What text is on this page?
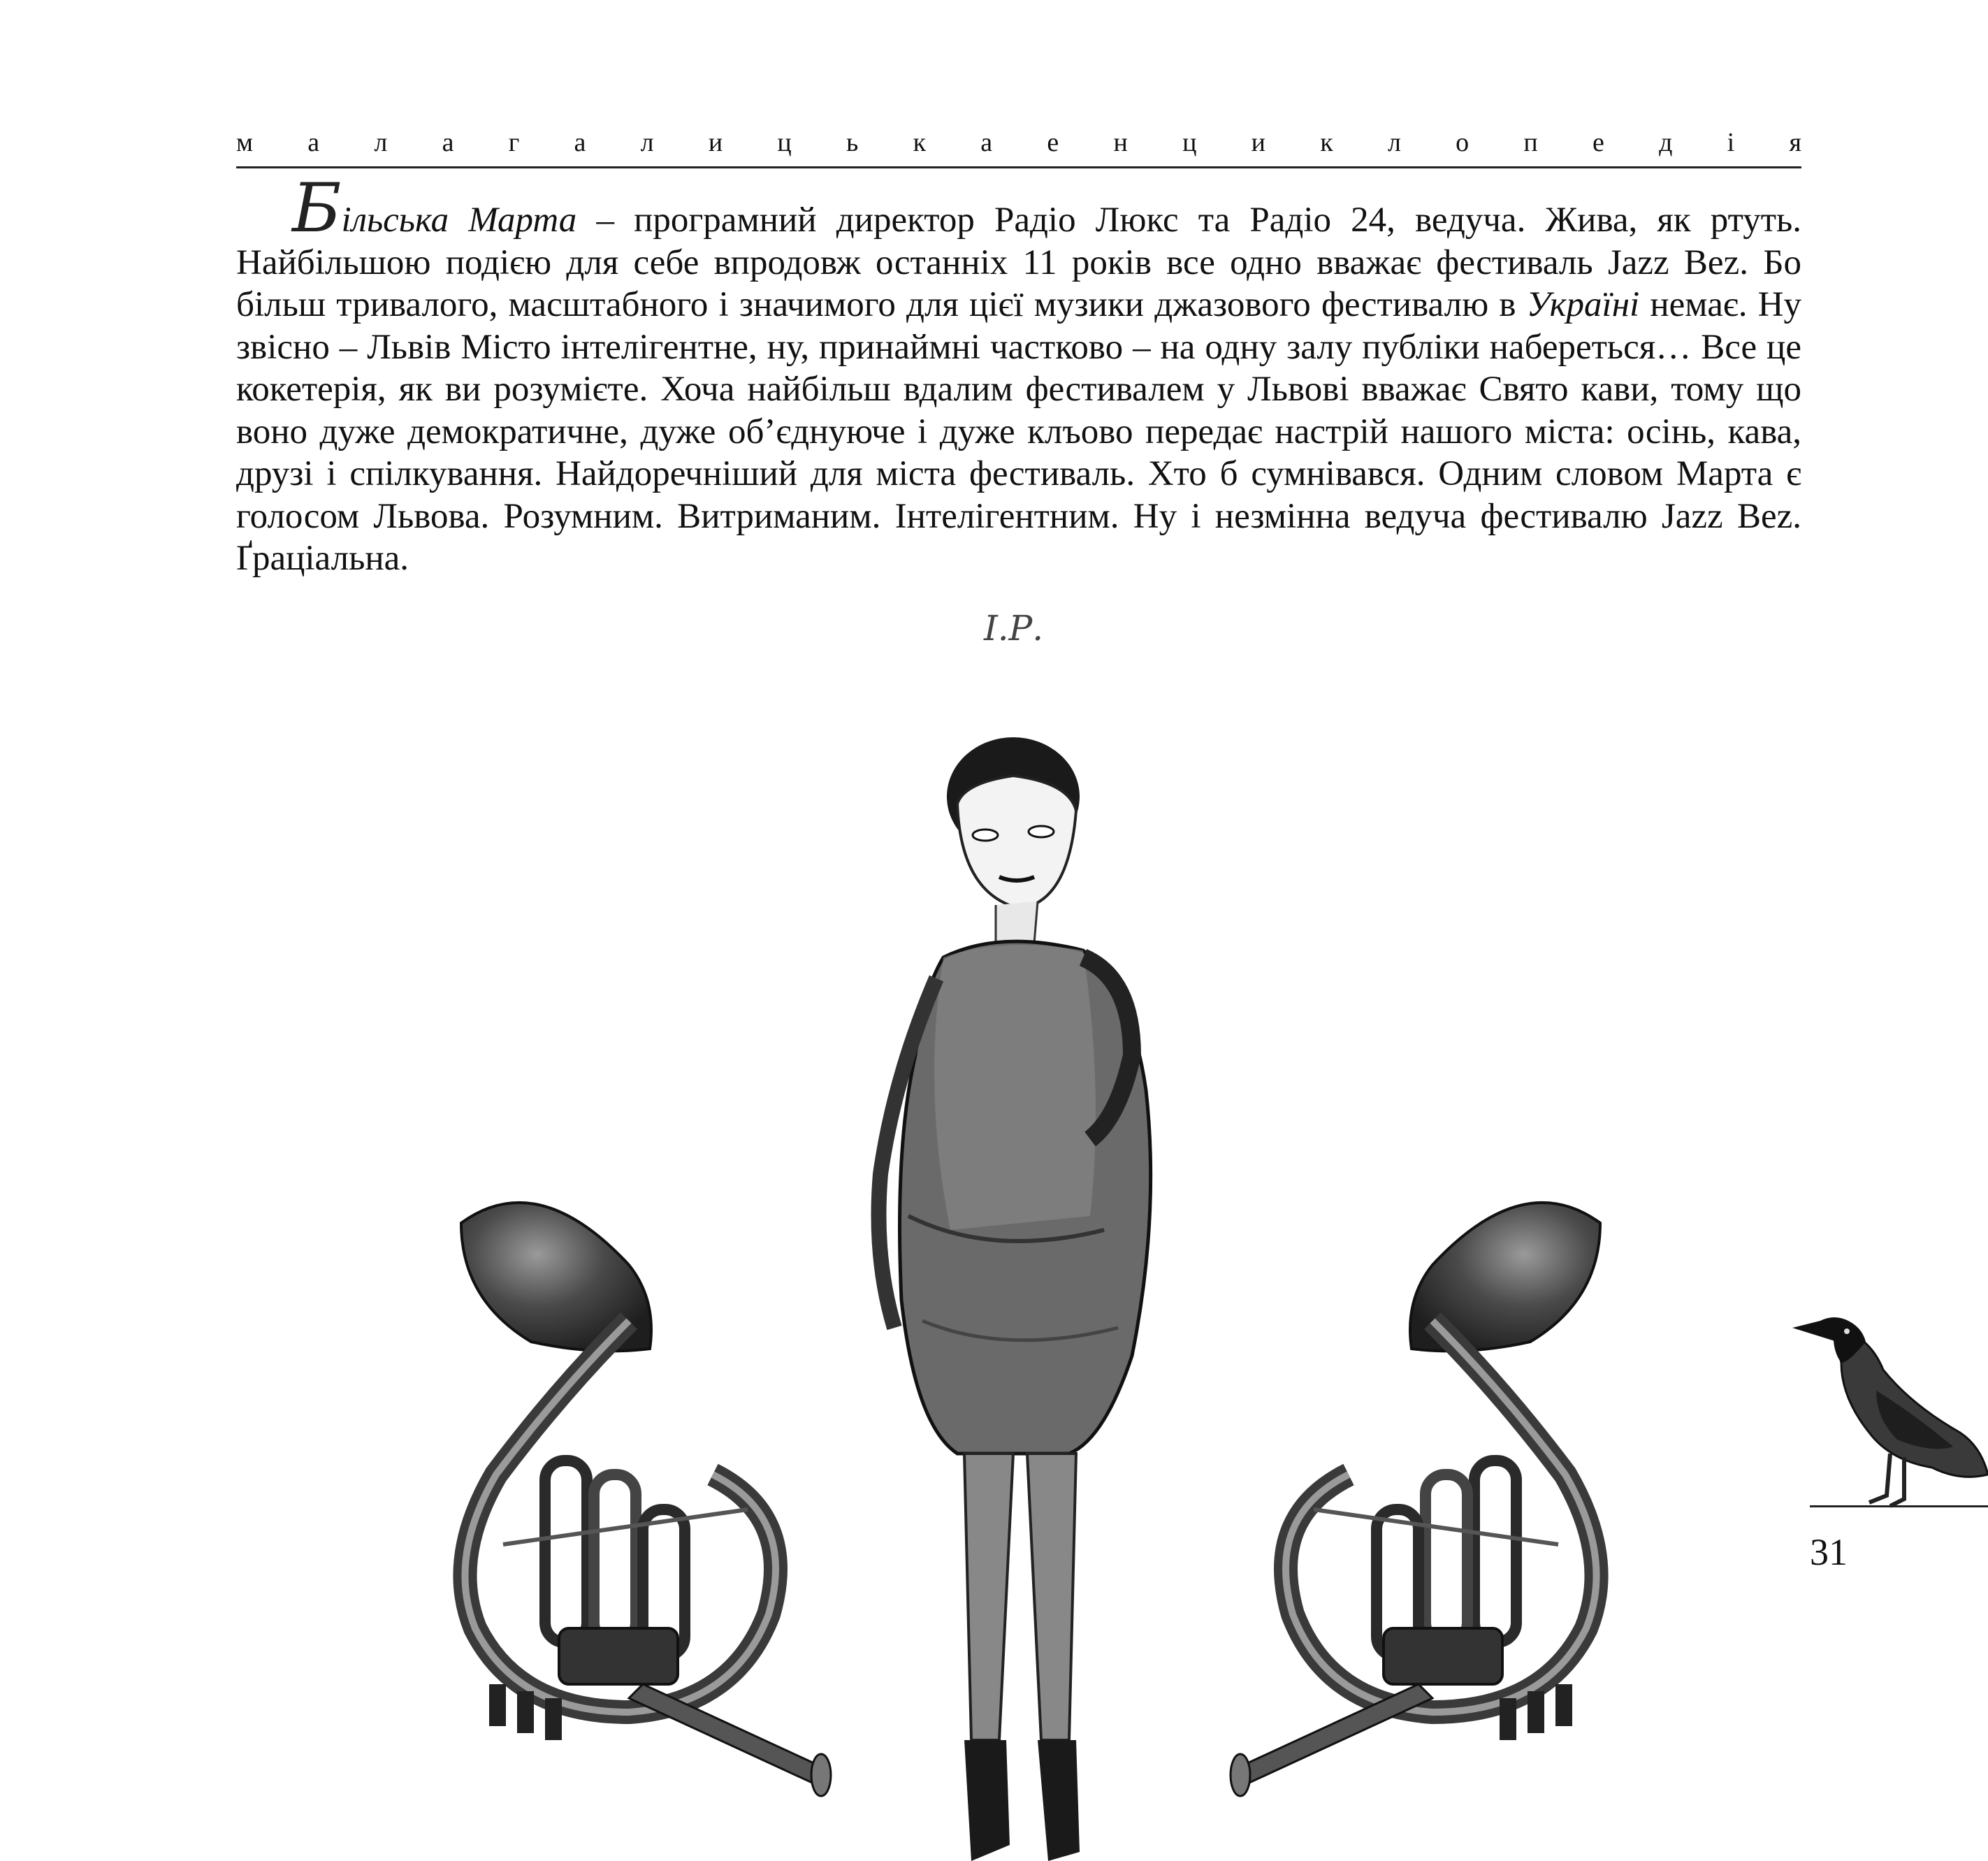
м а л а г а л и ц ь к а е н ц и к л о п е д і я
Більська Марта – програмний директор Радіо Люкс та Радіо 24, ведуча. Жива, як ртуть. Найбільшою подією для себе впродовж останніх 11 років все одно вважає фестиваль Jazz Bez. Бо більш тривалого, масштабного і значимого для цієї музики джазового фестивалю в Україні немає. Ну звісно – Львів Місто інтелігентне, ну, принаймні частково – на одну залу публіки набереться… Все це кокетерія, як ви розумієте. Хоча найбільш вдалим фестивалем у Львові вважає Свято кави, тому що воно дуже демократичне, дуже об’єднуюче і дуже клъово передає настрій нашого міста: осінь, кава, друзі і спілкування. Найдоречніший для міста фестиваль. Хто б сумнівався. Одним словом Марта є голосом Львова. Розумним. Витриманим. Інтелігентним. Ну і незмінна ведуча фестивалю Jazz Bez. Ґраціальна.
І.Р.
31
